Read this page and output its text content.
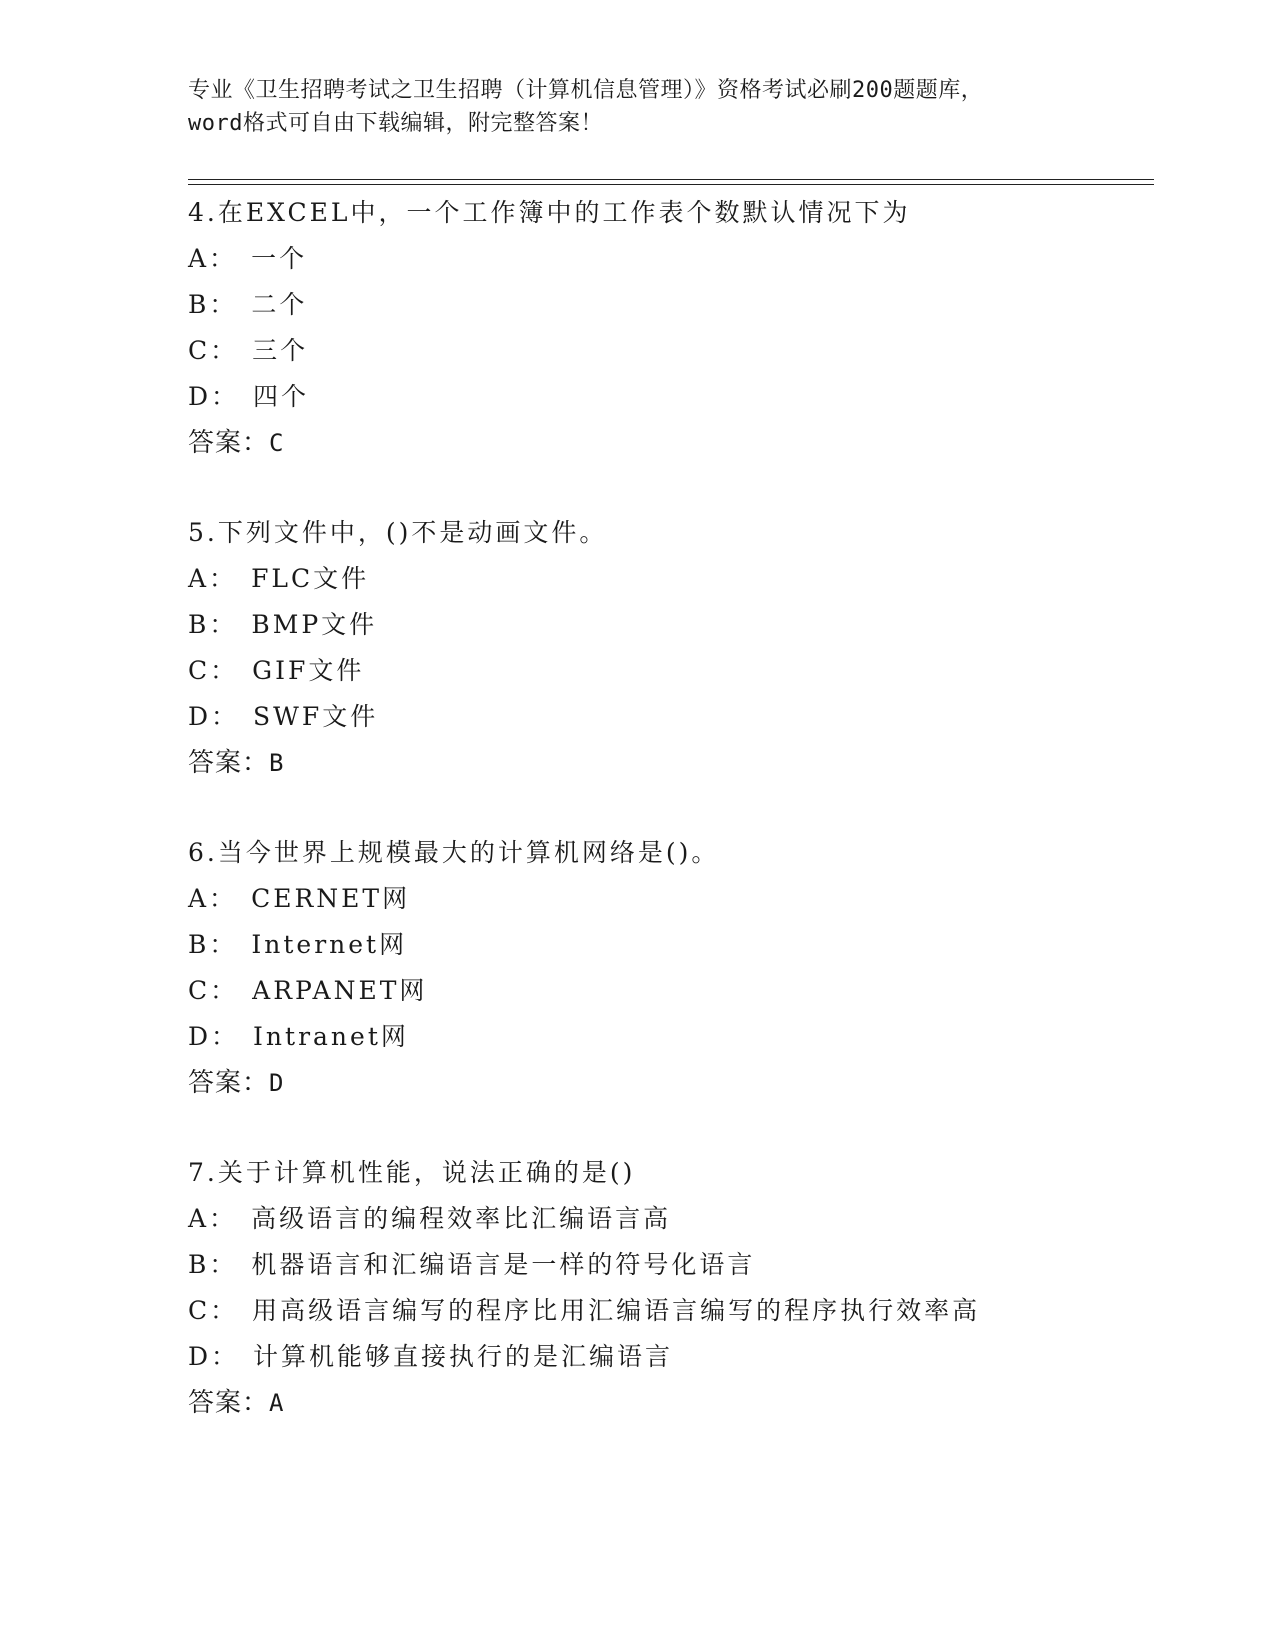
专业《卫生招聘考试之卫生招聘（计算机信息管理）》资格考试必刷200题题库，
word格式可自由下载编辑，附完整答案！
4.在EXCEL中，一个工作簿中的工作表个数默认情况下为
A： 一个
B： 二个
C： 三个
D： 四个
答案：C
5.下列文件中，()不是动画文件。
A： FLC文件
B： BMP文件
C： GIF文件
D： SWF文件
答案：B
6.当今世界上规模最大的计算机网络是()。
A： CERNET网
B： Internet网
C： ARPANET网
D： Intranet网
答案：D
7.关于计算机性能，说法正确的是()
A： 高级语言的编程效率比汇编语言高
B： 机器语言和汇编语言是一样的符号化语言
C： 用高级语言编写的程序比用汇编语言编写的程序执行效率高
D： 计算机能够直接执行的是汇编语言
答案：A
